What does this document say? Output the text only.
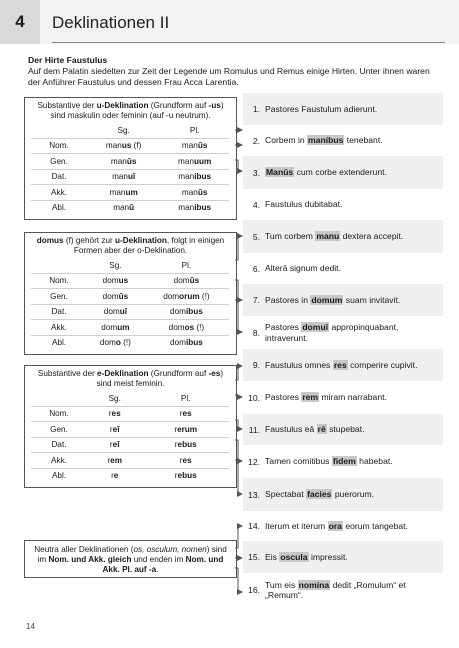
4	Deklinationen II
Der Hirte Faustulus
Auf dem Palatin siedelten zur Zeit der Legende um Romulus und Remus einige Hirten. Unter ihnen waren der Anführer Faustulus und dessen Frau Acca Larentia.
Substantive der u-Deklination (Grundform auf -us) sind maskulin oder feminin (auf -u neutrum).
	Sg.	Pl.
Nom.	manus (f)	manūs
Gen.	manūs	manuum
Dat.	manuī	manibus
Akk.	manum	manūs
Abl.	manū	manibus
domus (f) gehört zur u-Deklination, folgt in einigen Formen aber der o-Deklination.
	Sg.	Pl.
Nom.	domus	domūs
Gen.	domūs	domorum (!)
Dat.	domuī	domibus
Akk.	domum	domos (!)
Abl.	domo (!)	domibus
Substantive der e-Deklination (Grundform auf -es) sind meist feminin.
	Sg.	Pl.
Nom.	res	res
Gen.	reī	rerum
Dat.	reī	rebus
Akk.	rem	res
Abl.	re	rebus
Neutra aller Deklinationen (os, osculum, nomen) sind im Nom. und Akk. gleich und enden im Nom. und Akk. Pl. auf -a.
1. Pastores Faustulum adierunt.
2. Corbem in manibus tenebant.
3. Manūs cum corbe extenderunt.
4. Faustulus dubitabat.
5. Tum corbem manu dextera accepit.
6. Alterā signum dedit.
7. Pastores in domum suam invitavit.
8.
Pastores domuī appropinquabant, intraverunt.
9. Faustulus omnes res comperire cupivit.
10. Pastores rem miram narrabant.
11. Faustulus eā rē stupebat.
12. Tamen comitibus fidem habebat.
13. Spectabat facies puerorum.
14. Iterum et iterum ora eorum tangebat.
15. Eis oscula impressit.
16.
Tum eis nomina dedit „Romulum“ et „Remum“.
14
